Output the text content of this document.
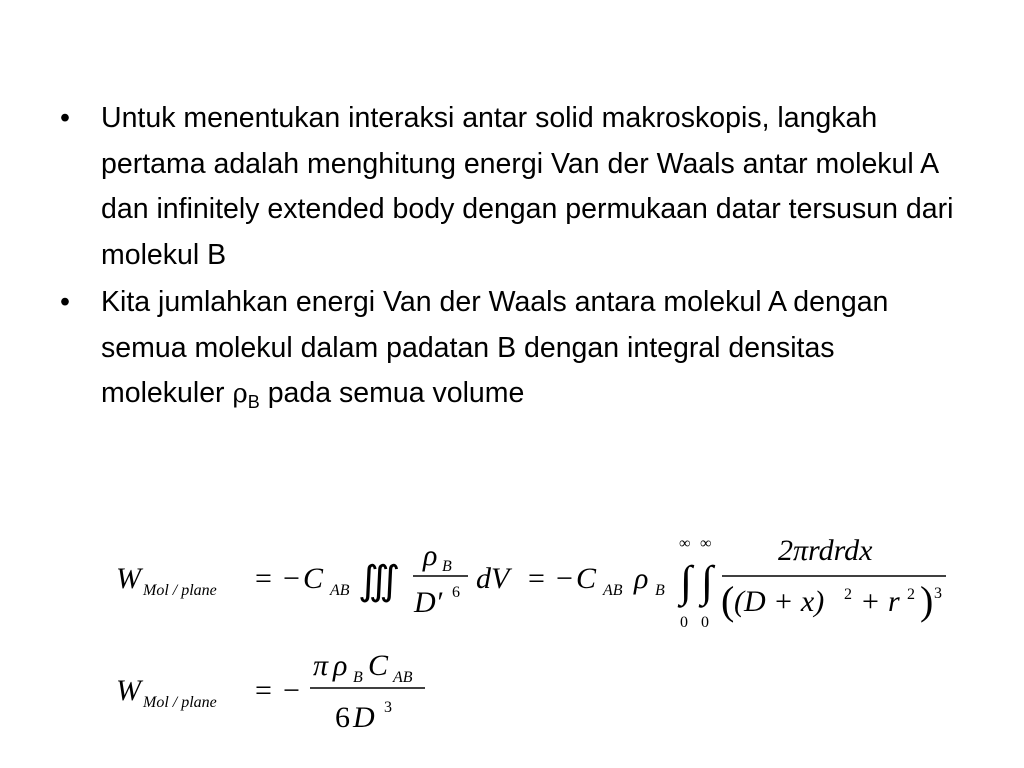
• Untuk menentukan interaksi antar solid makroskopis, langkah pertama adalah menghitung energi Van der Waals antar molekul A dan infinitely extended body dengan permukaan datar tersusun dari molekul B
• Kita jumlahkan energi Van der Waals antara molekul A dengan semua molekul dalam padatan B dengan integral densitas molekuler $\rho_B$ pada semua volume
W Mol / plane = − C AB ∭
ρ B
D′ 6 dV = − C AB ρ B
∞
∫
0
∞
∫
0
2πrdrdx
( (D + x) 2 + r 2 ) 3
W Mol / plane = −
π ρ B C AB
6 D 3
